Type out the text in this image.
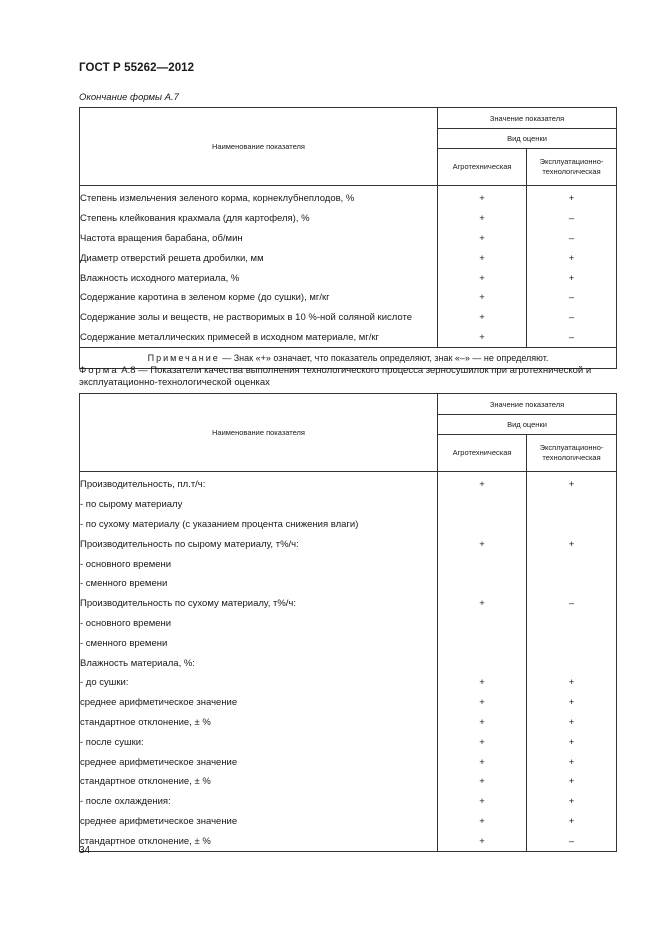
ГОСТ Р 55262—2012
Окончание формы А.7
Наименование показателя	Значение показателя	
	Вид оценки	
	Агротехническая	Эксплуатационно-технологическая

Степень измельчения зеленого корма, корнеклубнеплодов, %	+	+
Степень клейкования крахмала (для картофеля), %	+	–
Частота вращения барабана, об/мин	+	–
Диаметр отверстий решета дробилки, мм	+	+
Влажность исходного материала, %	+	+
Содержание каротина в зеленом корме (до сушки), мг/кг	+	–
Содержание золы и веществ, не растворимых в 10 %-ной соляной кислоте	+	–
Содержание металлических примесей в исходном материале, мг/кг	+	–
Примечание — Знак «+» означает, что показатель определяют, знак «–» — не определяют.		
Форма А.8 — Показатели качества выполнения технологического процесса зерносушилок при агротехнической и эксплуатационно-технологической оценках
Наименование показателя	Значение показателя	
	Вид оценки	
	Агротехническая	Эксплуатационно-технологическая

Производительность, пл.т/ч:	+	+
- по сырому материалу		
- по сухому материалу (с указанием процента снижения влаги)		
Производительность по сырому материалу, т%/ч:	+	+
- основного времени		
- сменного времени		
Производительность по сухому материалу, т%/ч:	+	–
- основного времени		
- сменного времени		
Влажность материала, %:		
- до сушки:	+	+
среднее арифметическое значение	+	+
стандартное отклонение, ± %	+	+
- после сушки:	+	+
среднее арифметическое значение	+	+
стандартное отклонение, ± %	+	+
- после охлаждения:	+	+
среднее арифметическое значение	+	+
стандартное отклонение, ± %	+	–
34
